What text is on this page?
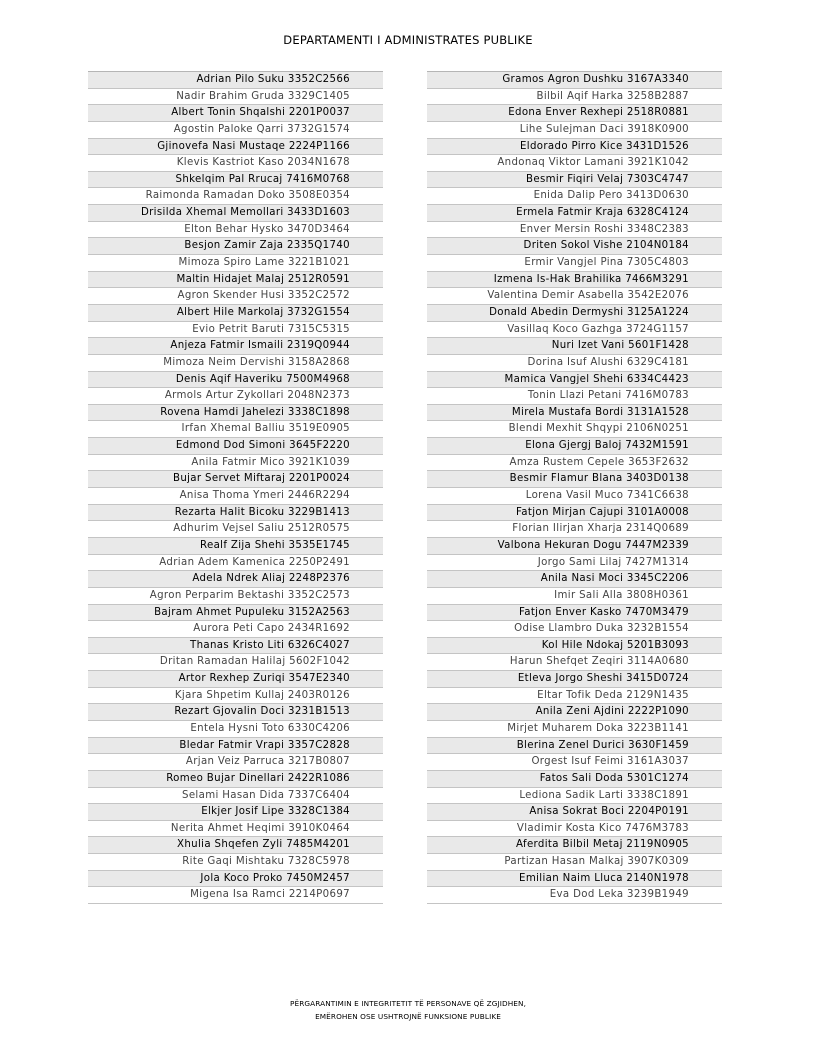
DEPARTAMENTI I ADMINISTRATES PUBLIKE
Adrian Pilo Suku 3352C2566
Nadir Brahim Gruda 3329C1405
Albert Tonin Shqalshi 2201P0037
Agostin Paloke Qarri 3732G1574
Gjinovefa Nasi Mustaqe 2224P1166
Klevis Kastriot Kaso 2034N1678
Shkelqim Pal Rrucaj 7416M0768
Raimonda Ramadan Doko 3508E0354
Drisilda Xhemal Memollari 3433D1603
Elton Behar Hysko 3470D3464
Besjon Zamir Zaja 2335Q1740
Mimoza Spiro Lame 3221B1021
Maltin Hidajet Malaj 2512R0591
Agron Skender Husi 3352C2572
Albert Hile Markolaj 3732G1554
Evio Petrit Baruti 7315C5315
Anjeza Fatmir Ismaili 2319Q0944
Mimoza Neim Dervishi 3158A2868
Denis Aqif Haveriku 7500M4968
Armols Artur Zykollari 2048N2373
Rovena Hamdi Jahelezi 3338C1898
Irfan Xhemal Balliu 3519E0905
Edmond Dod Simoni 3645F2220
Anila Fatmir Mico 3921K1039
Bujar Servet Miftaraj 2201P0024
Anisa Thoma Ymeri 2446R2294
Rezarta Halit Bicoku 3229B1413
Adhurim Vejsel Saliu 2512R0575
Realf Zija Shehi 3535E1745
Adrian Adem Kamenica 2250P2491
Adela Ndrek Aliaj 2248P2376
Agron Perparim Bektashi 3352C2573
Bajram Ahmet Pupuleku 3152A2563
Aurora Peti Capo 2434R1692
Thanas Kristo Liti 6326C4027
Dritan Ramadan Halilaj 5602F1042
Artor Rexhep Zuriqi 3547E2340
Kjara Shpetim Kullaj 2403R0126
Rezart Gjovalin Doci 3231B1513
Entela Hysni Toto 6330C4206
Bledar Fatmir Vrapi 3357C2828
Arjan Veiz Parruca 3217B0807
Romeo Bujar Dinellari 2422R1086
Selami Hasan Dida 7337C6404
Elkjer Josif Lipe 3328C1384
Nerita Ahmet Heqimi 3910K0464
Xhulia Shqefen Zyli 7485M4201
Rite Gaqi Mishtaku 7328C5978
Jola Koco Proko 7450M2457
Migena Isa Ramci 2214P0697
Gramos Agron Dushku 3167A3340
Bilbil Aqif Harka 3258B2887
Edona Enver Rexhepi 2518R0881
Lihe Sulejman Daci 3918K0900
Eldorado Pirro Kice 3431D1526
Andonaq Viktor Lamani 3921K1042
Besmir Fiqiri Velaj 7303C4747
Enida Dalip Pero 3413D0630
Ermela Fatmir Kraja 6328C4124
Enver Mersin Roshi 3348C2383
Driten Sokol Vishe 2104N0184
Ermir Vangjel Pina 7305C4803
Izmena Is-Hak Brahilika 7466M3291
Valentina Demir Asabella 3542E2076
Donald Abedin Dermyshi 3125A1224
Vasillaq Koco Gazhga 3724G1157
Nuri Izet Vani 5601F1428
Dorina Isuf Alushi 6329C4181
Mamica Vangjel Shehi 6334C4423
Tonin Llazi Petani 7416M0783
Mirela Mustafa Bordi 3131A1528
Blendi Mexhit Shqypi 2106N0251
Elona Gjergj Baloj 7432M1591
Amza Rustem Cepele 3653F2632
Besmir Flamur Blana 3403D0138
Lorena Vasil Muco 7341C6638
Fatjon Mirjan Cajupi 3101A0008
Florian Ilirjan Xharja 2314Q0689
Valbona Hekuran Dogu 7447M2339
Jorgo Sami Lilaj 7427M1314
Anila Nasi Moci 3345C2206
Imir Sali Alla 3808H0361
Fatjon Enver Kasko 7470M3479
Odise Llambro Duka 3232B1554
Kol Hile Ndokaj 5201B3093
Harun Shefqet Zeqiri 3114A0680
Etleva Jorgo Sheshi 3415D0724
Eltar Tofik Deda 2129N1435
Anila Zeni Ajdini 2222P1090
Mirjet Muharem Doka 3223B1141
Blerina Zenel Durici 3630F1459
Orgest Isuf Feimi 3161A3037
Fatos Sali Doda 5301C1274
Lediona Sadik Larti 3338C1891
Anisa Sokrat Boci 2204P0191
Vladimir Kosta Kico 7476M3783
Aferdita Bilbil Metaj 2119N0905
Partizan Hasan Malkaj 3907K0309
Emilian Naim Lluca 2140N1978
Eva Dod Leka 3239B1949
PËRGARANTIMIN E INTEGRITETIT TË PERSONAVE QË ZGJIDHEN,
EMËROHEN OSE USHTROJNË FUNKSIONE PUBLIKE
